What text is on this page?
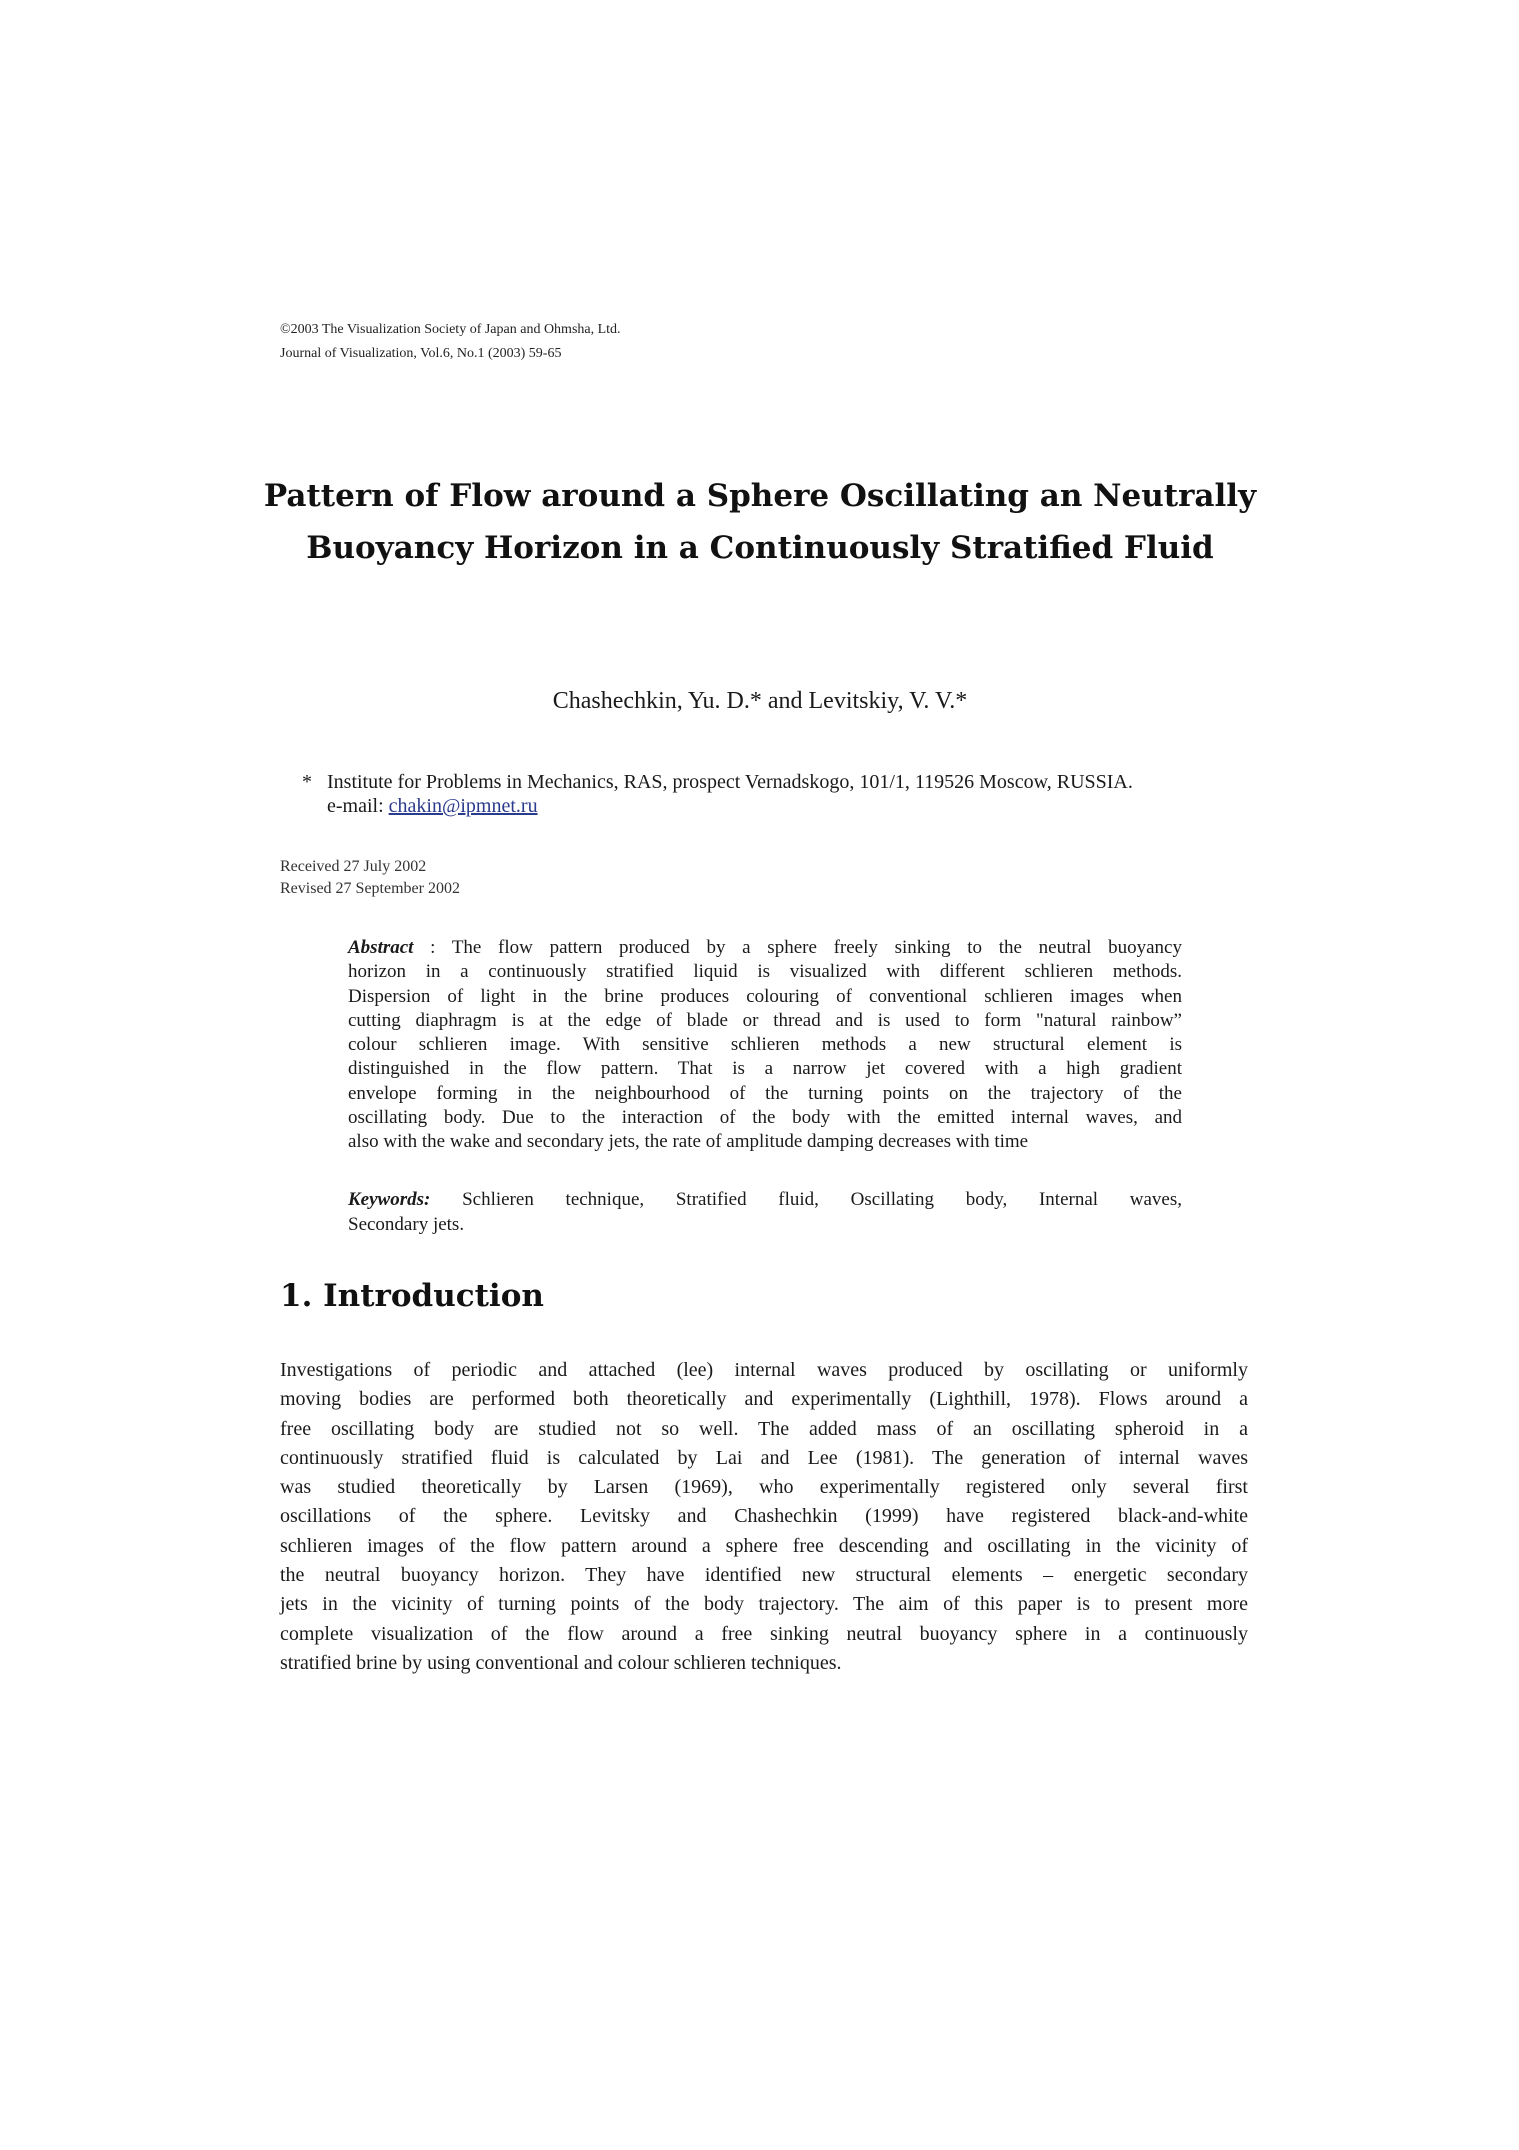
©2003 The Visualization Society of Japan and Ohmsha, Ltd.
Journal of Visualization, Vol.6, No.1 (2003) 59-65
Pattern of Flow around a Sphere Oscillating an Neutrally
Buoyancy Horizon in a Continuously Stratified Fluid
Chashechkin, Yu. D.* and Levitskiy, V. V.*
* Institute for Problems in Mechanics, RAS, prospect Vernadskogo, 101/1, 119526 Moscow, RUSSIA.
e-mail: chakin@ipmnet.ru
Received 27 July 2002
Revised 27 September 2002
Abstract : The flow pattern produced by a sphere freely sinking to the neutral buoyancy
horizon in a continuously stratified liquid is visualized with different schlieren methods.
Dispersion of light in the brine produces colouring of conventional schlieren images when
cutting diaphragm is at the edge of blade or thread and is used to form "natural rainbow”
colour schlieren image. With sensitive schlieren methods a new structural element is
distinguished in the flow pattern. That is a narrow jet covered with a high gradient
envelope forming in the neighbourhood of the turning points on the trajectory of the
oscillating body. Due to the interaction of the body with the emitted internal waves, and
also with the wake and secondary jets, the rate of amplitude damping decreases with time
Keywords: Schlieren technique, Stratified fluid, Oscillating body, Internal waves,
Secondary jets.
1. Introduction
Investigations of periodic and attached (lee) internal waves produced by oscillating or uniformly
moving bodies are performed both theoretically and experimentally (Lighthill, 1978). Flows around a
free oscillating body are studied not so well. The added mass of an oscillating spheroid in a
continuously stratified fluid is calculated by Lai and Lee (1981). The generation of internal waves
was studied theoretically by Larsen (1969), who experimentally registered only several first
oscillations of the sphere. Levitsky and Chashechkin (1999) have registered black-and-white
schlieren images of the flow pattern around a sphere free descending and oscillating in the vicinity of
the neutral buoyancy horizon. They have identified new structural elements – energetic secondary
jets in the vicinity of turning points of the body trajectory. The aim of this paper is to present more
complete visualization of the flow around a free sinking neutral buoyancy sphere in a continuously
stratified brine by using conventional and colour schlieren techniques.
